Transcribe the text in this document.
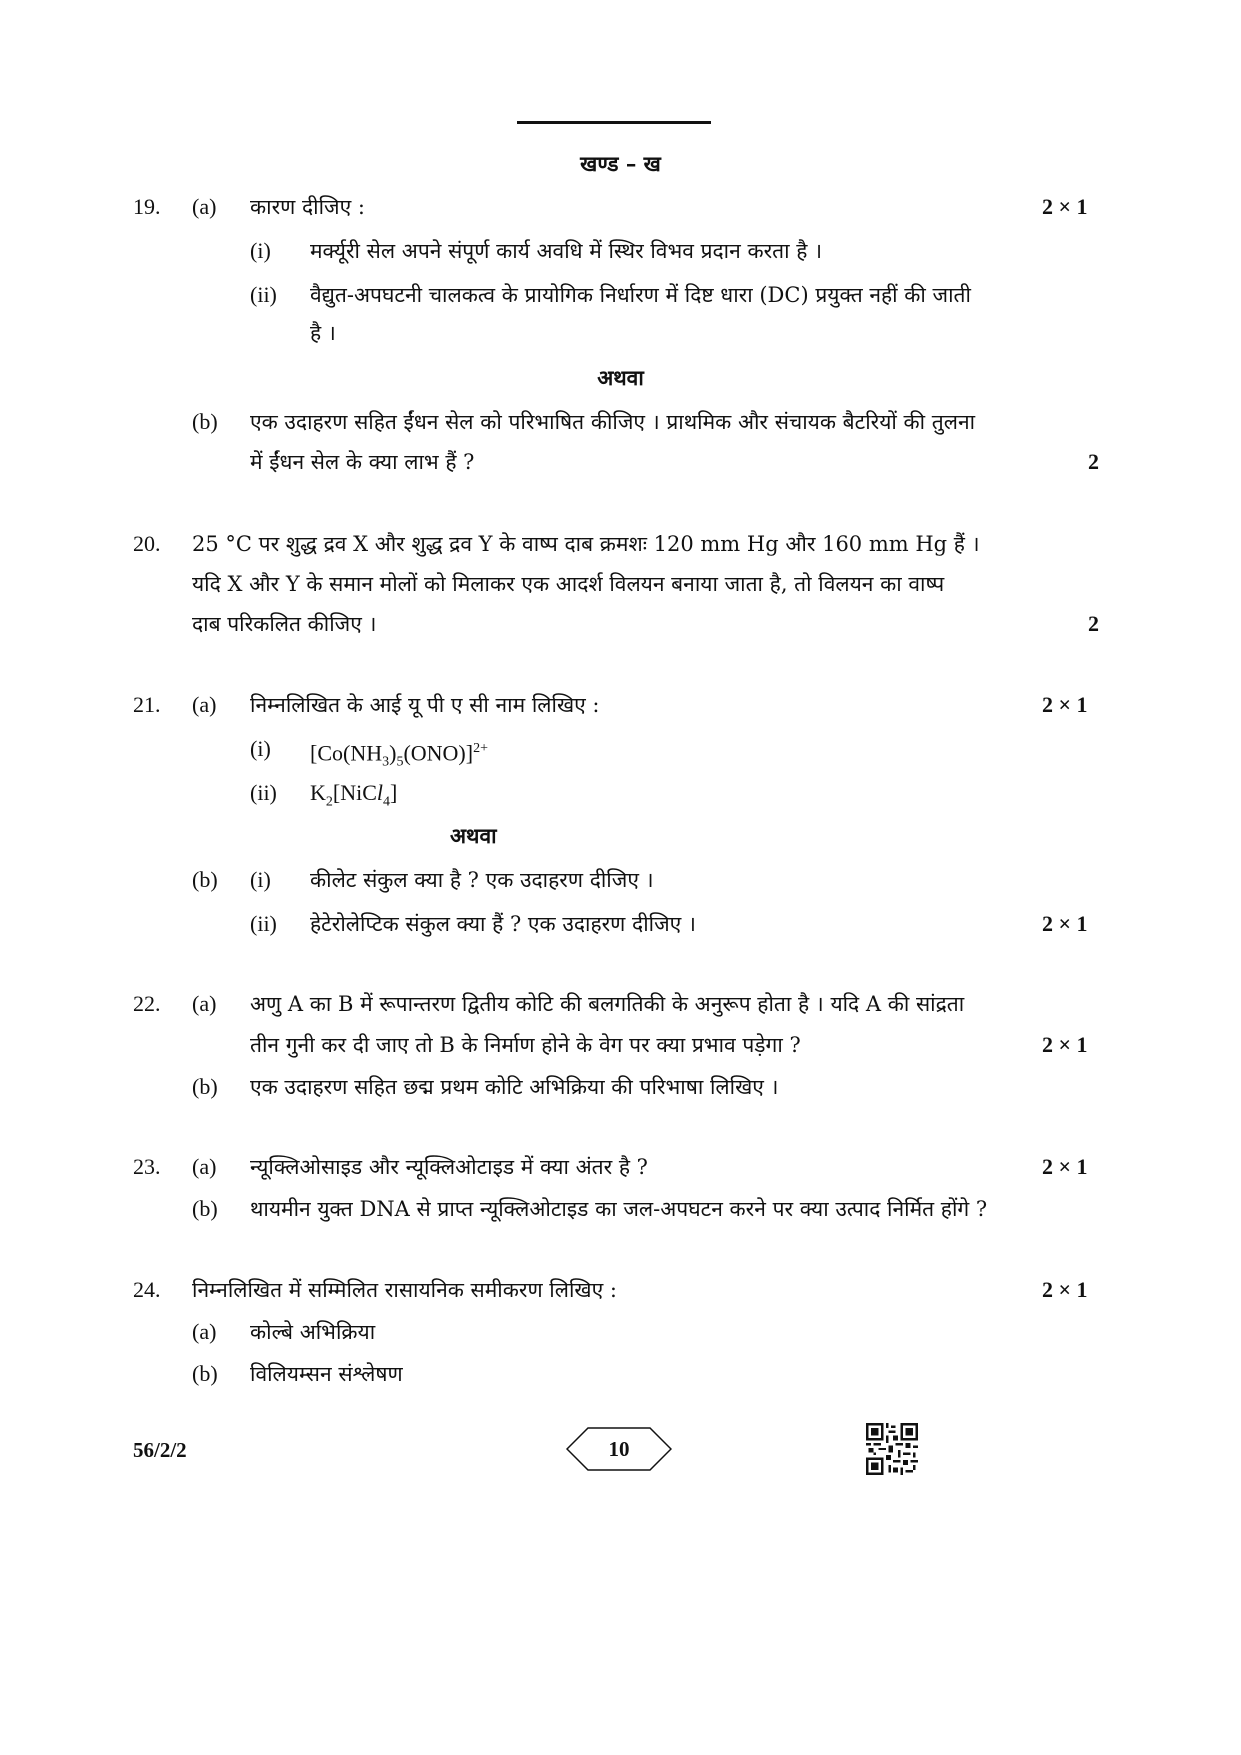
खण्ड – ख
19. (a) कारण दीजिए :	2 × 1
(i) मर्क्यूरी सेल अपने संपूर्ण कार्य अवधि में स्थिर विभव प्रदान करता है ।
(ii) वैद्युत-अपघटनी चालकत्व के प्रायोगिक निर्धारण में दिष्ट धारा (DC) प्रयुक्त नहीं की जाती
है ।
अथवा
(b) एक उदाहरण सहित ईंधन सेल को परिभाषित कीजिए । प्राथमिक और संचायक बैटरियों की तुलना
में ईंधन सेल के क्या लाभ हैं ?	2
20. 25 °C पर शुद्ध द्रव X और शुद्ध द्रव Y के वाष्प दाब क्रमशः 120 mm Hg और 160 mm Hg हैं ।
यदि X और Y के समान मोलों को मिलाकर एक आदर्श विलयन बनाया जाता है, तो विलयन का वाष्प
दाब परिकलित कीजिए ।	2
21. (a) निम्नलिखित के आई यू पी ए सी नाम लिखिए :	2 × 1
(i) $[Co(NH_3)_5(ONO)]^{2+}$
(ii) $K_2[NiCl_4]$
अथवा
(b) (i) कीलेट संकुल क्या है ? एक उदाहरण दीजिए ।
(ii) हेटेरोलेप्टिक संकुल क्या हैं ? एक उदाहरण दीजिए ।	2 × 1
22. (a) अणु A का B में रूपान्तरण द्वितीय कोटि की बलगतिकी के अनुरूप होता है । यदि A की सांद्रता
तीन गुनी कर दी जाए तो B के निर्माण होने के वेग पर क्या प्रभाव पड़ेगा ?	2 × 1
(b) एक उदाहरण सहित छद्म प्रथम कोटि अभिक्रिया की परिभाषा लिखिए ।
23. (a) न्यूक्लिओसाइड और न्यूक्लिओटाइड में क्या अंतर है ?	2 × 1
(b) थायमीन युक्त DNA से प्राप्त न्यूक्लिओटाइड का जल-अपघटन करने पर क्या उत्पाद निर्मित होंगे ?
24. निम्नलिखित में सम्मिलित रासायनिक समीकरण लिखिए :	2 × 1
(a) कोल्बे अभिक्रिया
(b) विलियम्सन संश्लेषण
56/2/2	10
